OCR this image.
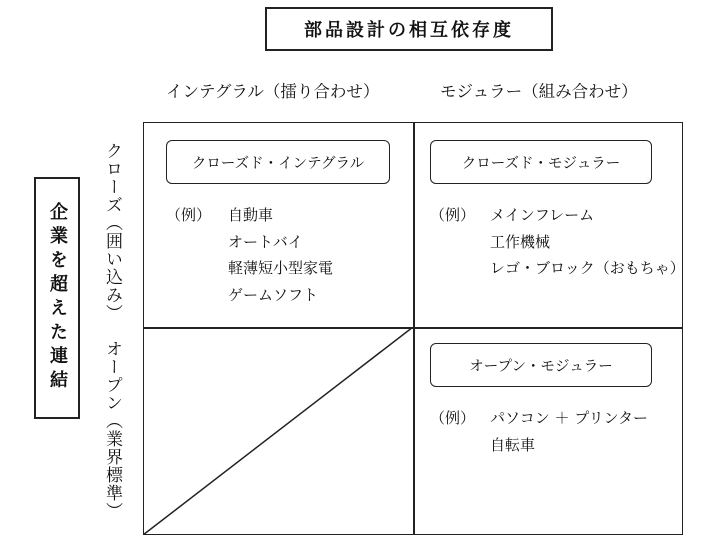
部品設計の相互依存度
インテグラル（擂り合わせ）	モジュラー（組み合わせ）
企業を超えた連結 クローズ（囲い込み）
オープン（業界標準）
クローズド・インテグラル
（例） 自動車
オートバイ
軽薄短小型家電
ゲームソフト
クローズド・モジュラー
（例） メインフレーム
工作機械
レゴ・ブロック（おもちゃ）
オープン・モジュラー
（例） パソコン ＋ プリンター
自転車
